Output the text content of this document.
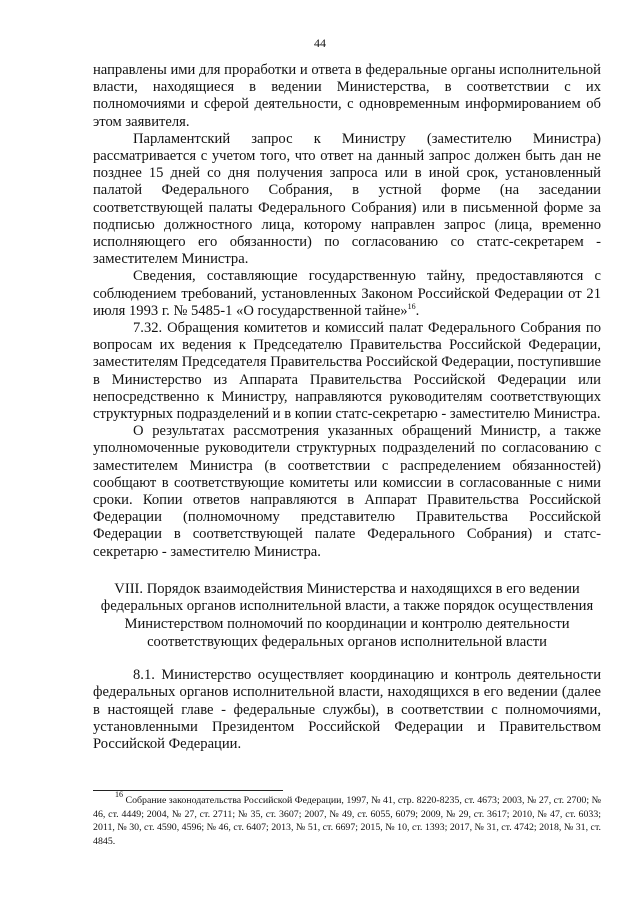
44

направлены ими для проработки и ответа в федеральные органы исполнительной власти, находящиеся в ведении Министерства, в соответствии с их полномочиями и сферой деятельности, с одновременным информированием об этом заявителя.

Парламентский запрос к Министру (заместителю Министра) рассматривается с учетом того, что ответ на данный запрос должен быть дан не позднее 15 дней со дня получения запроса или в иной срок, установленный палатой Федерального Собрания, в устной форме (на заседании соответствующей палаты Федерального Собрания) или в письменной форме за подписью должностного лица, которому направлен запрос (лица, временно исполняющего его обязанности) по согласованию со статс-секретарем - заместителем Министра.

Сведения, составляющие государственную тайну, предоставляются с соблюдением требований, установленных Законом Российской Федерации от 21 июля 1993 г. № 5485-1 «О государственной тайне»$^{16}$.

7.32. Обращения комитетов и комиссий палат Федерального Собрания по вопросам их ведения к Председателю Правительства Российской Федерации, заместителям Председателя Правительства Российской Федерации, поступившие в Министерство из Аппарата Правительства Российской Федерации или непосредственно к Министру, направляются руководителям соответствующих структурных подразделений и в копии статс-секретарю - заместителю Министра.

О результатах рассмотрения указанных обращений Министр, а также уполномоченные руководители структурных подразделений по согласованию с заместителем Министра (в соответствии с распределением обязанностей) сообщают в соответствующие комитеты или комиссии в согласованные с ними сроки. Копии ответов направляются в Аппарат Правительства Российской Федерации (полномочному представителю Правительства Российской Федерации в соответствующей палате Федерального Собрания) и статс-секретарю - заместителю Министра.

VIII. Порядок взаимодействия Министерства и находящихся в его ведении федеральных органов исполнительной власти, а также порядок осуществления Министерством полномочий по координации и контролю деятельности соответствующих федеральных органов исполнительной власти

8.1. Министерство осуществляет координацию и контроль деятельности федеральных органов исполнительной власти, находящихся в его ведении (далее в настоящей главе - федеральные службы), в соответствии с полномочиями, установленными Президентом Российской Федерации и Правительством Российской Федерации.

$^{16}$ Собрание законодательства Российской Федерации, 1997, № 41, стр. 8220-8235, ст. 4673; 2003, № 27, ст. 2700; № 46, ст. 4449; 2004, № 27, ст. 2711; № 35, ст. 3607; 2007, № 49, ст. 6055, 6079; 2009, № 29, ст. 3617; 2010, № 47, ст. 6033; 2011, № 30, ст. 4590, 4596; № 46, ст. 6407; 2013, № 51, ст. 6697; 2015, № 10, ст. 1393; 2017, № 31, ст. 4742; 2018, № 31, ст. 4845.
